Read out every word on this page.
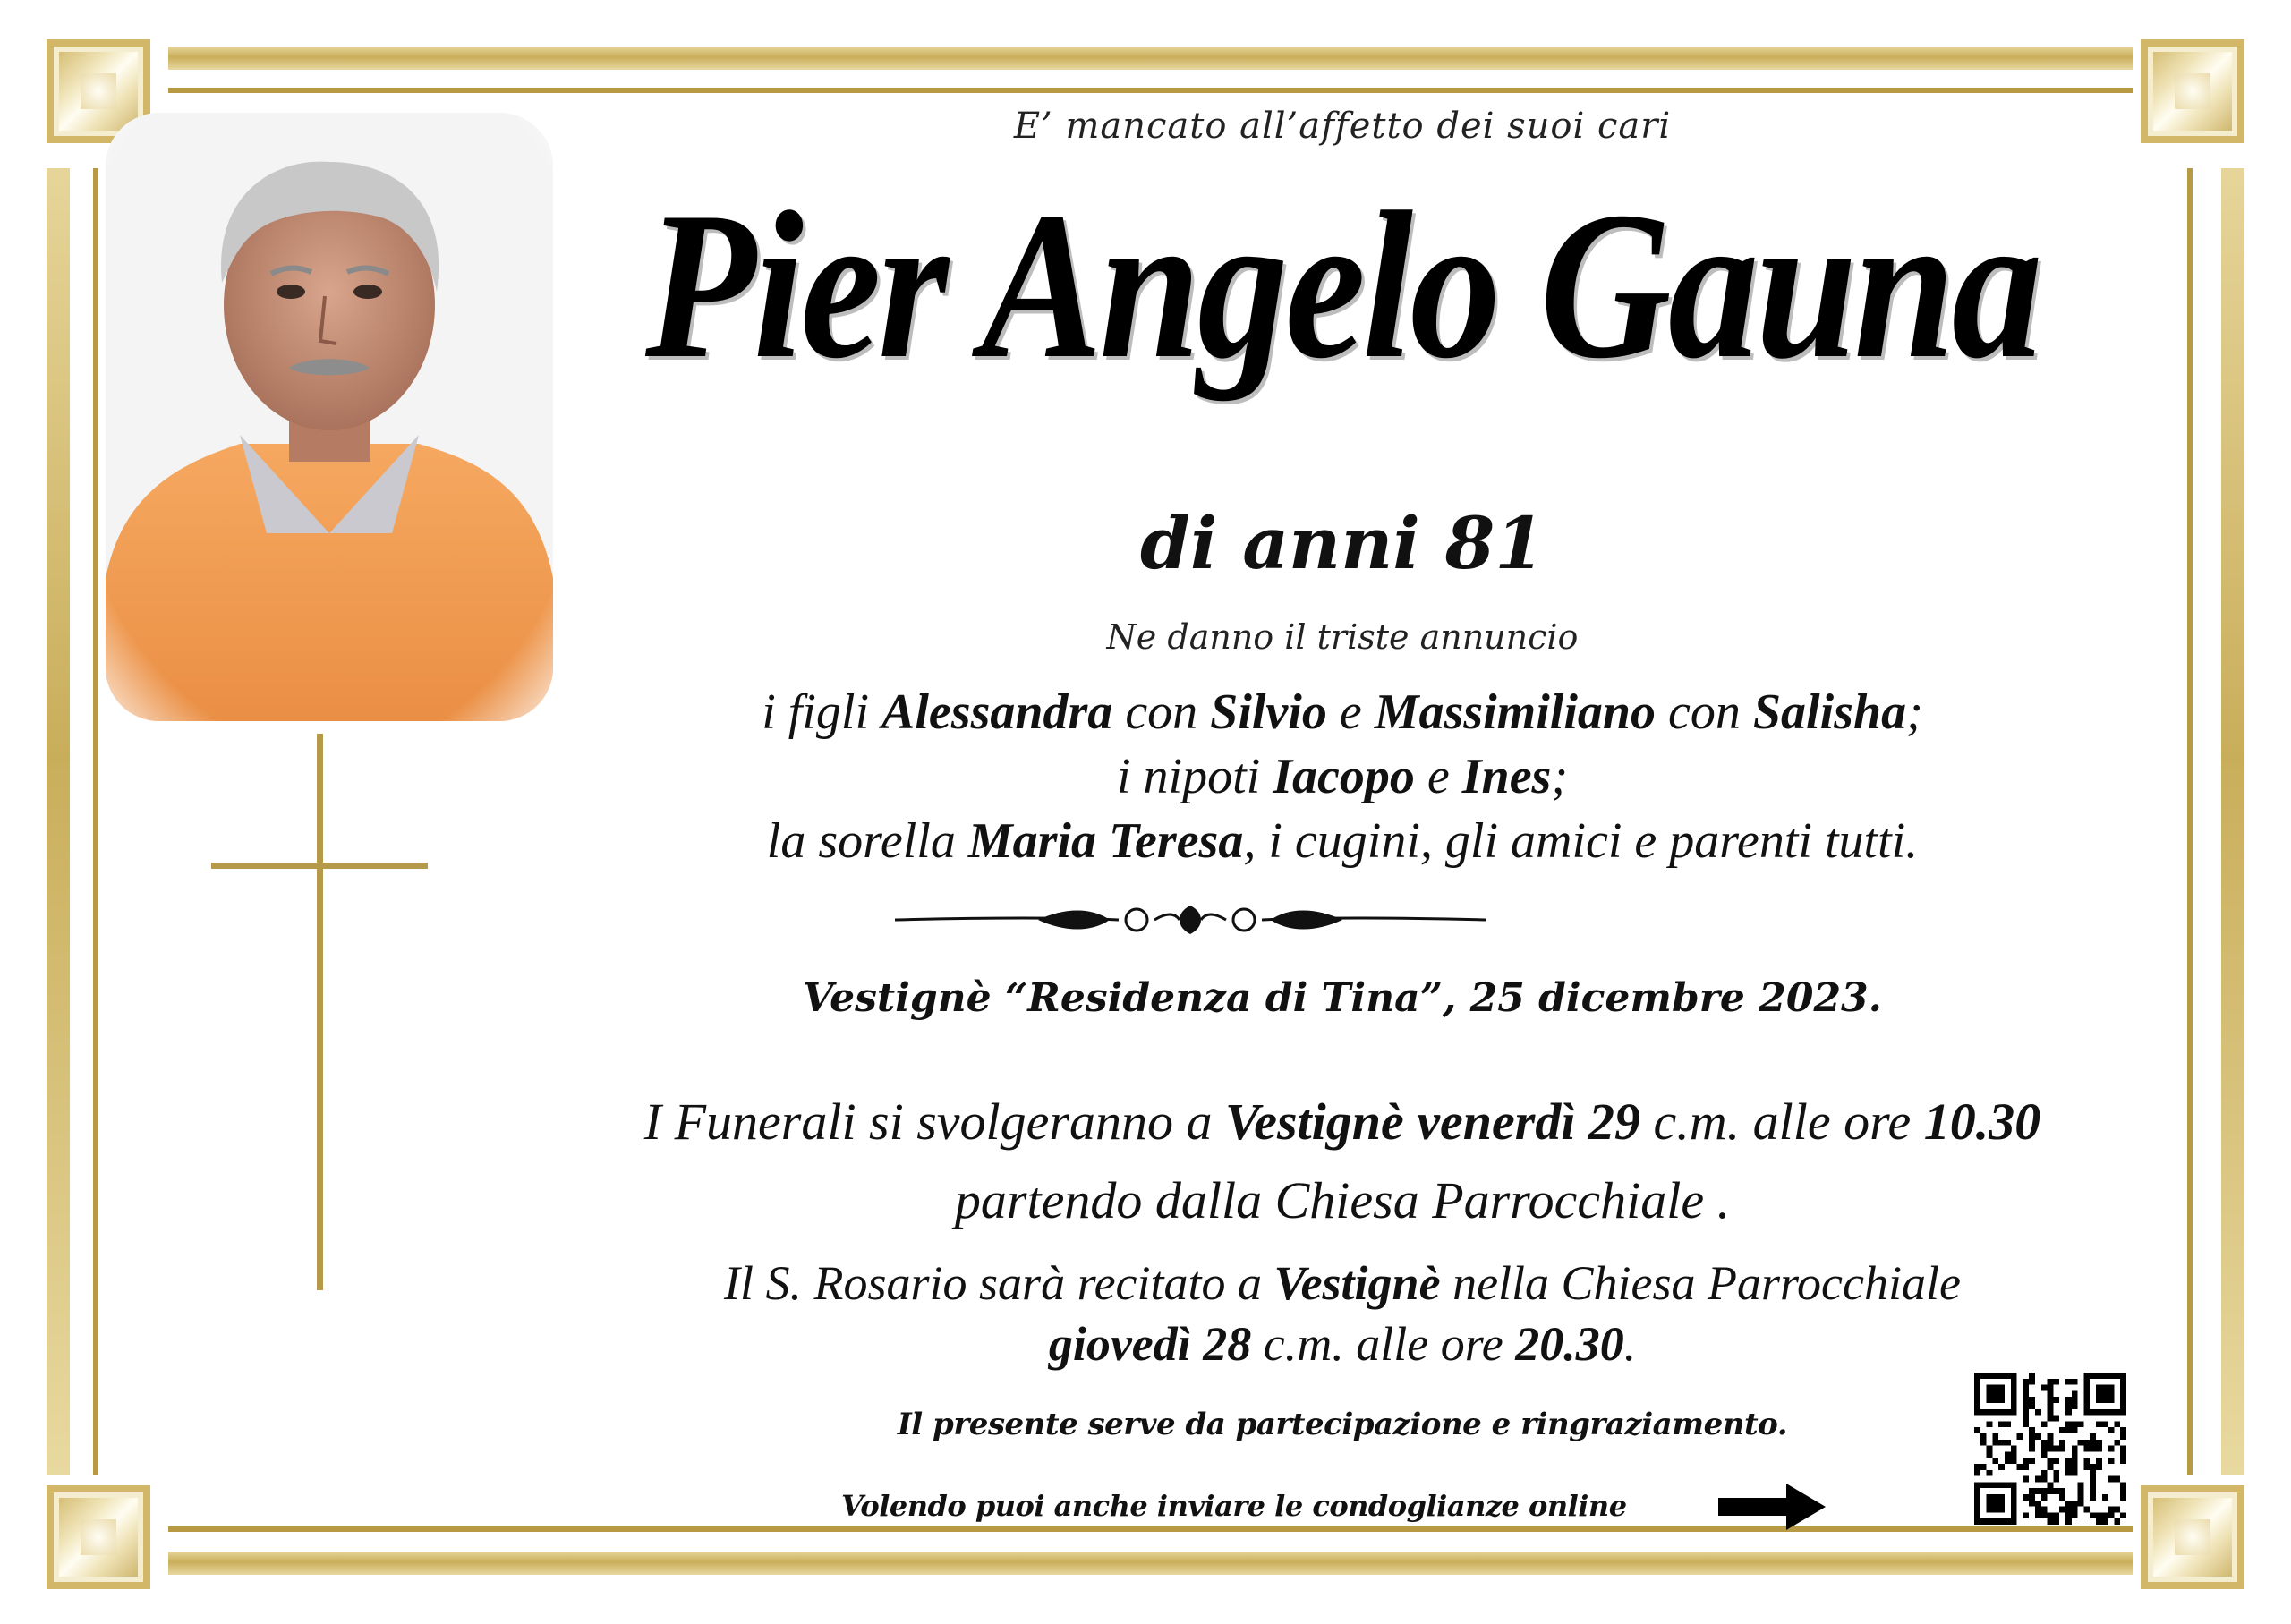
E’ mancato all’affetto dei suoi cari
Pier Angelo Gauna
di anni 81
Ne danno il triste annuncio
i figli Alessandra con Silvio e Massimiliano con Salisha;
i nipoti Iacopo e Ines;
la sorella Maria Teresa, i cugini, gli amici e parenti tutti.
Vestignè “Residenza di Tina”, 25 dicembre 2023.
I Funerali si svolgeranno a Vestignè venerdì 29 c.m. alle ore 10.30
partendo dalla Chiesa Parrocchiale .
Il S. Rosario sarà recitato a Vestignè nella Chiesa Parrocchiale
giovedì 28 c.m. alle ore 20.30.
Il presente serve da partecipazione e ringraziamento.
Volendo puoi anche inviare le condoglianze online
